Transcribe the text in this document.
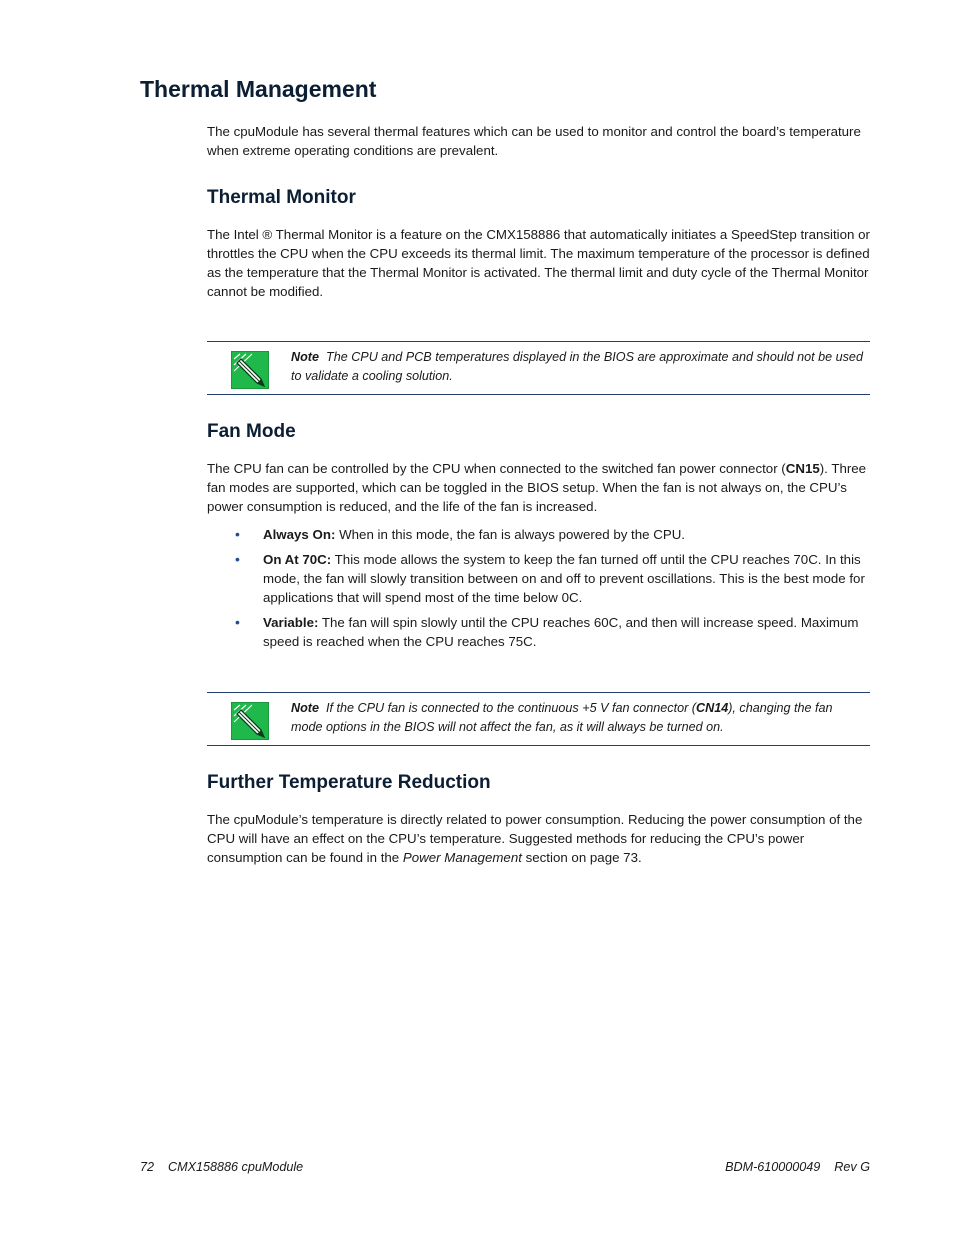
Thermal Management

The cpuModule has several thermal features which can be used to monitor and control the board’s temperature when extreme operating conditions are prevalent.

Thermal Monitor

The Intel ® Thermal Monitor is a feature on the CMX158886 that automatically initiates a SpeedStep transition or throttles the CPU when the CPU exceeds its thermal limit. The maximum temperature of the processor is defined as the temperature that the Thermal Monitor is activated. The thermal limit and duty cycle of the Thermal Monitor cannot be modified.

Note The CPU and PCB temperatures displayed in the BIOS are approximate and should not be used to validate a cooling solution.

Fan Mode

The CPU fan can be controlled by the CPU when connected to the switched fan power connector (CN15). Three fan modes are supported, which can be toggled in the BIOS setup. When the fan is not always on, the CPU’s power consumption is reduced, and the life of the fan is increased.

• Always On: When in this mode, the fan is always powered by the CPU.
• On At 70C: This mode allows the system to keep the fan turned off until the CPU reaches 70C. In this mode, the fan will slowly transition between on and off to prevent oscillations. This is the best mode for applications that will spend most of the time below 0C.
• Variable: The fan will spin slowly until the CPU reaches 60C, and then will increase speed. Maximum speed is reached when the CPU reaches 75C.

Note If the CPU fan is connected to the continuous +5 V fan connector (CN14), changing the fan mode options in the BIOS will not affect the fan, as it will always be turned on.

Further Temperature Reduction

The cpuModule’s temperature is directly related to power consumption. Reducing the power consumption of the CPU will have an effect on the CPU’s temperature. Suggested methods for reducing the CPU’s power consumption can be found in the Power Management section on page 73.

72 CMX158886 cpuModule	BDM-610000049 Rev G
